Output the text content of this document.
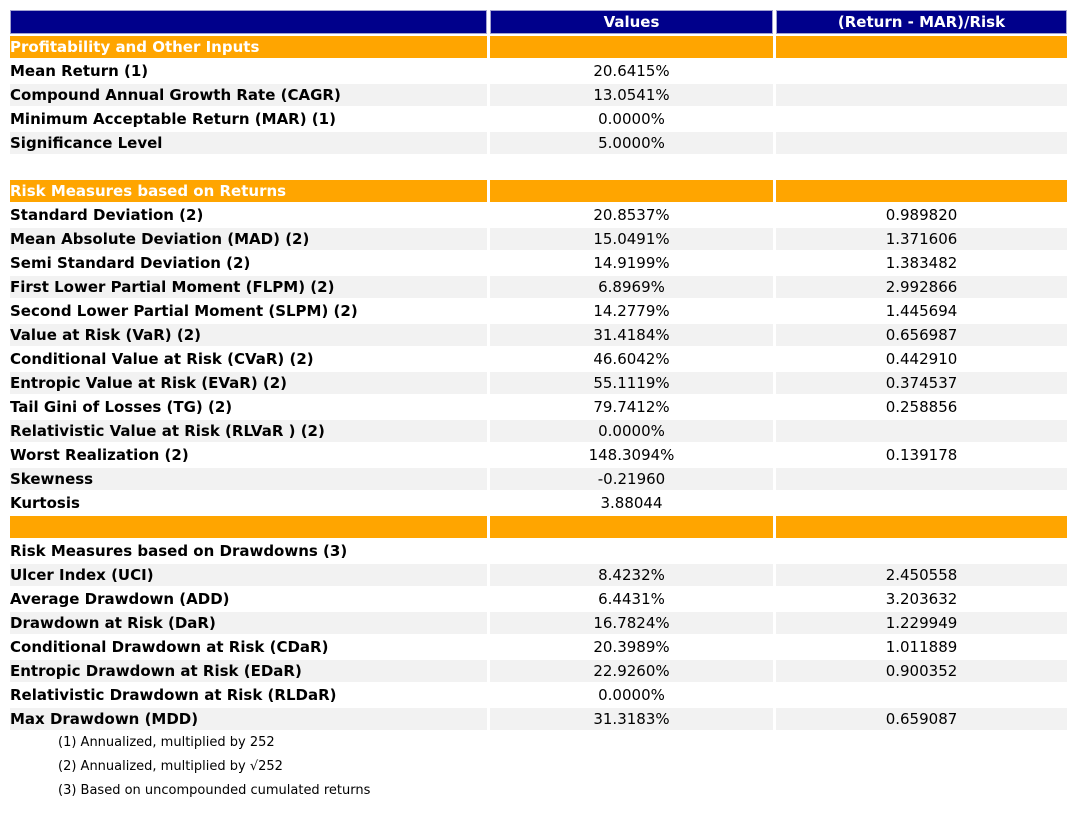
	Values	(Return - MAR)/Risk
Profitability and Other Inputs		
Mean Return (1)	20.6415%	
Compound Annual Growth Rate (CAGR)	13.0541%	
Minimum Acceptable Return (MAR) (1)	0.0000%	
Significance Level	5.0000%	

Risk Measures based on Returns		
Standard Deviation (2)	20.8537%	0.989820
Mean Absolute Deviation (MAD) (2)	15.0491%	1.371606
Semi Standard Deviation (2)	14.9199%	1.383482
First Lower Partial Moment (FLPM) (2)	6.8969%	2.992866
Second Lower Partial Moment (SLPM) (2)	14.2779%	1.445694
Value at Risk (VaR) (2)	31.4184%	0.656987
Conditional Value at Risk (CVaR) (2)	46.6042%	0.442910
Entropic Value at Risk (EVaR) (2)	55.1119%	0.374537
Tail Gini of Losses (TG) (2)	79.7412%	0.258856
Relativistic Value at Risk (RLVaR ) (2)	0.0000%	
Worst Realization (2)	148.3094%	0.139178
Skewness	-0.21960	
Kurtosis	3.88044	

Risk Measures based on Drawdowns (3)		
Ulcer Index (UCI)	8.4232%	2.450558
Average Drawdown (ADD)	6.4431%	3.203632
Drawdown at Risk (DaR)	16.7824%	1.229949
Conditional Drawdown at Risk (CDaR)	20.3989%	1.011889
Entropic Drawdown at Risk (EDaR)	22.9260%	0.900352
Relativistic Drawdown at Risk (RLDaR)	0.0000%	
Max Drawdown (MDD)	31.3183%	0.659087
(1) Annualized, multiplied by 252		
(2) Annualized, multiplied by √252		
(3) Based on uncompounded cumulated returns		
